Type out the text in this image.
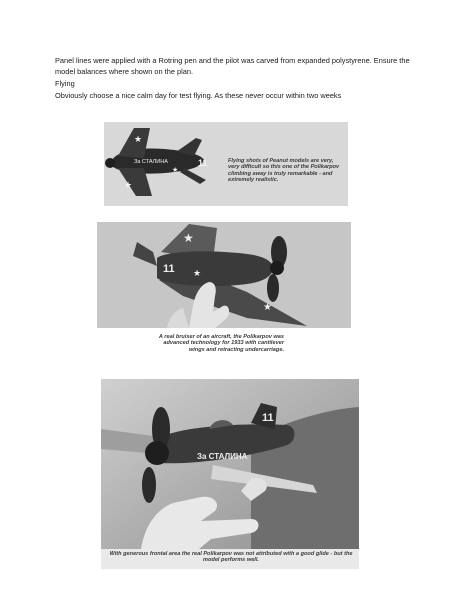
Panel lines were applied with a Rotring pen and the pilot was carved from expanded polystyrene. Ensure the model balances where shown on the plan.

Flying

Obviously choose a nice calm day for test flying. As these never occur within two weeks

★
★
★
11
За СТАЛИНА	Flying shots of Peanut models are very, very difficult so this one of the Polikarpov climbing away is truly remarkable - and extremely realistic.

★
★
★
11

A real bruiser of an aircraft, the Polikarpov was advanced technology for 1933 with cantilever wings and retracting undercarriage.

За СТАЛИНА
11

With generous frontal area the real Polikarpov was not attributed with a good glide - but the model performs well.
